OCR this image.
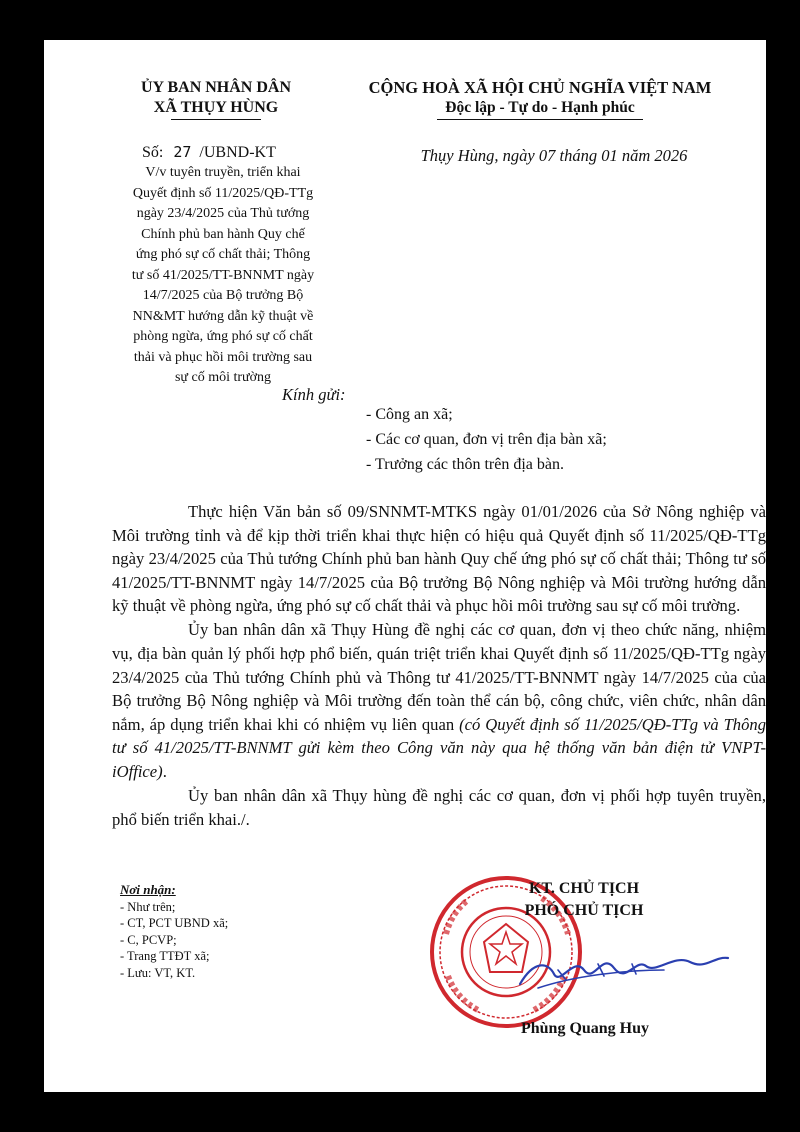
ỦY BAN NHÂN DÂN
XÃ THỤY HÙNG
CỘNG HOÀ XÃ HỘI CHỦ NGHĨA VIỆT NAM
Độc lập - Tự do - Hạnh phúc
Số: 27 /UBND-KT	Thụy Hùng, ngày 07 tháng 01 năm 2026
V/v tuyên truyền, triển khai
Quyết định số 11/2025/QĐ-TTg
ngày 23/4/2025 của Thủ tướng
Chính phủ ban hành Quy chế
ứng phó sự cố chất thải; Thông
tư số 41/2025/TT-BNNMT ngày
14/7/2025 của Bộ trưởng Bộ
NN&MT hướng dẫn kỹ thuật về
phòng ngừa, ứng phó sự cố chất
thải và phục hồi môi trường sau
sự cố môi trường
Kính gửi:
- Công an xã;
- Các cơ quan, đơn vị trên địa bàn xã;
- Trưởng các thôn trên địa bàn.

Thực hiện Văn bản số 09/SNNMT-MTKS ngày 01/01/2026 của Sở Nông nghiệp và Môi trường tỉnh và để kịp thời triển khai thực hiện có hiệu quả Quyết định số 11/2025/QĐ-TTg ngày 23/4/2025 của Thủ tướng Chính phủ ban hành Quy chế ứng phó sự cố chất thải; Thông tư số 41/2025/TT-BNNMT ngày 14/7/2025 của Bộ trưởng Bộ Nông nghiệp và Môi trường hướng dẫn kỹ thuật về phòng ngừa, ứng phó sự cố chất thải và phục hồi môi trường sau sự cố môi trường.

Ủy ban nhân dân xã Thụy Hùng đề nghị các cơ quan, đơn vị theo chức năng, nhiệm vụ, địa bàn quản lý phối hợp phổ biến, quán triệt triển khai Quyết định số 11/2025/QĐ-TTg ngày 23/4/2025 của Thủ tướng Chính phủ và Thông tư 41/2025/TT-BNNMT ngày 14/7/2025 của của Bộ trưởng Bộ Nông nghiệp và Môi trường đến toàn thể cán bộ, công chức, viên chức, nhân dân nắm, áp dụng triển khai khi có nhiệm vụ liên quan (có Quyết định số 11/2025/QĐ-TTg và Thông tư số 41/2025/TT-BNNMT gửi kèm theo Công văn này qua hệ thống văn bản điện tử VNPT-iOffice).

Ủy ban nhân dân xã Thụy hùng đề nghị các cơ quan, đơn vị phối hợp tuyên truyền, phổ biến triển khai./.

Nơi nhận:
- Như trên;
- CT, PCT UBND xã;
- C, PCVP;
- Trang TTĐT xã;
- Lưu: VT, KT.
KT. CHỦ TỊCH
PHÓ CHỦ TỊCH
Phùng Quang Huy
